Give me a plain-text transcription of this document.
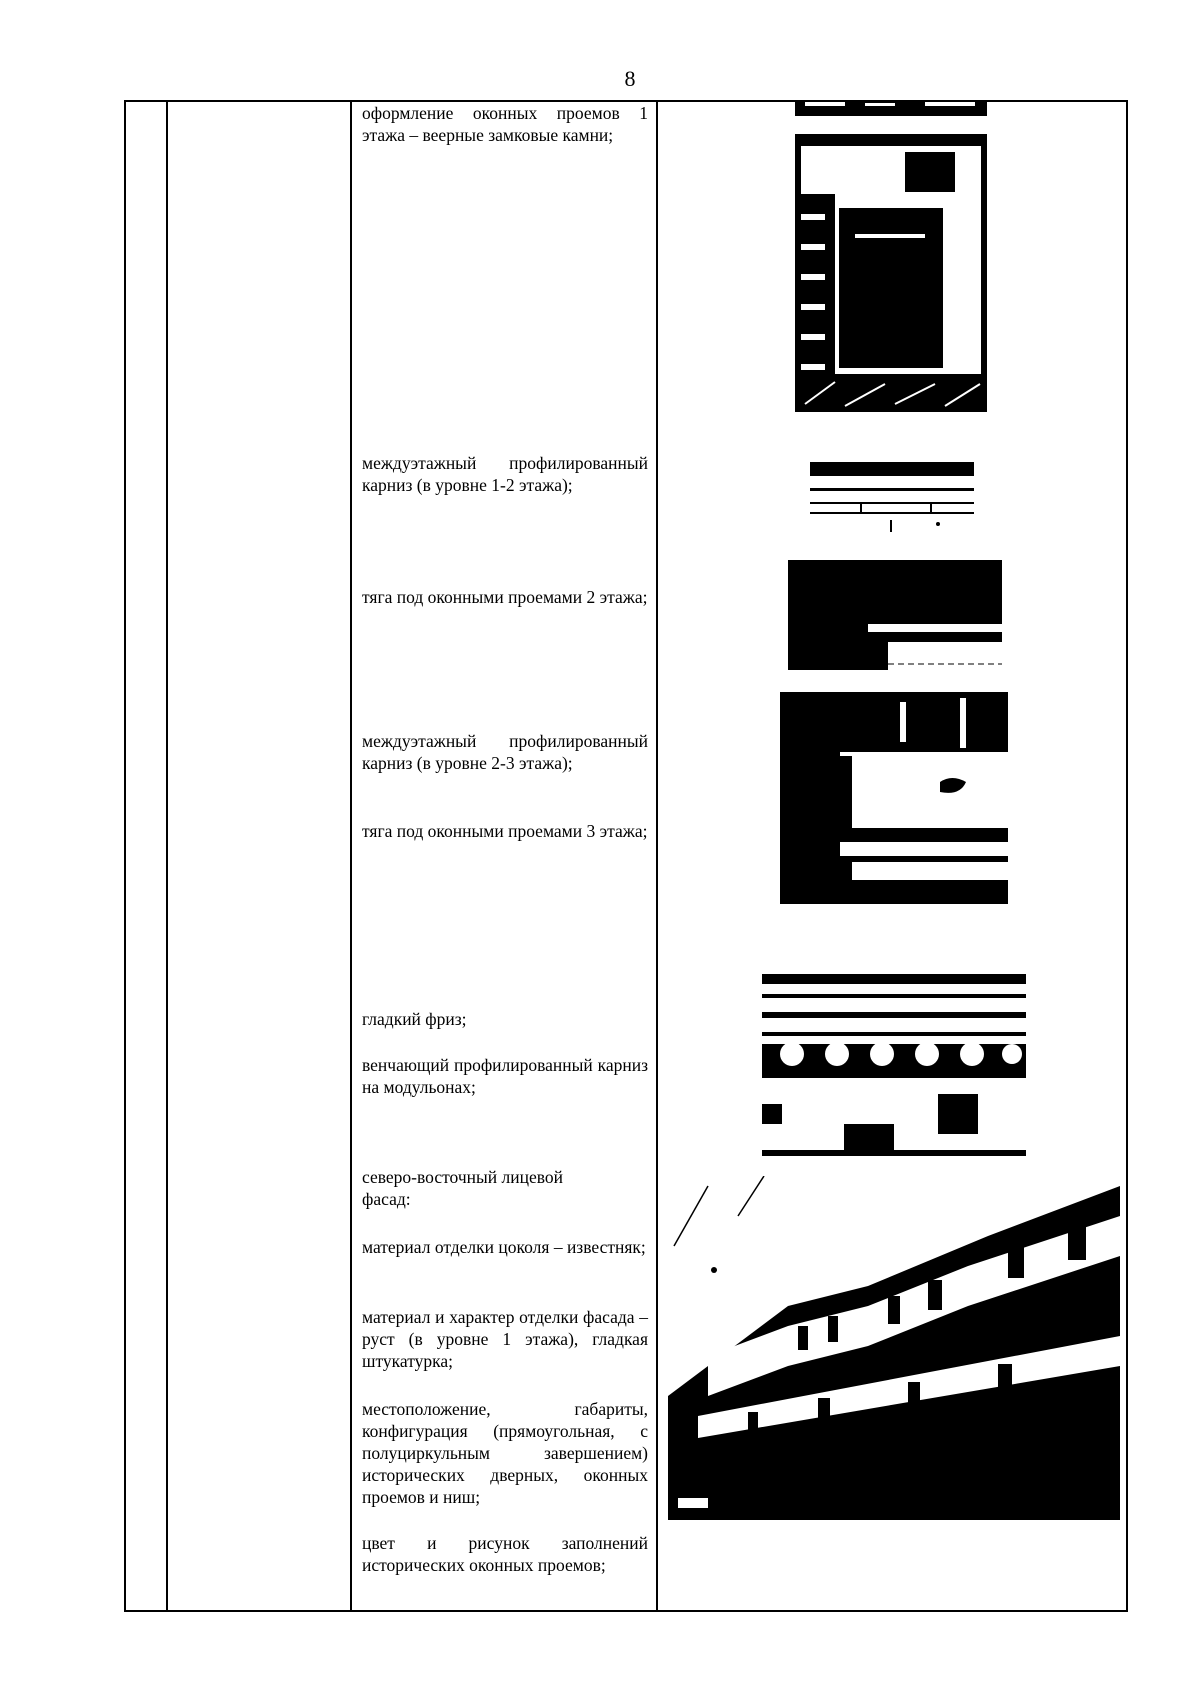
8
оформление оконных проемов 1 этажа – веерные замковые камни;
междуэтажный профилированный карниз (в уровне 1-2 этажа);
тяга под оконными проемами 2 этажа;
междуэтажный профилированный карниз (в уровне 2-3 этажа);
тяга под оконными проемами 3 этажа;
гладкий фриз;
венчающий профилированный карниз на модульонах;
северо-восточный лицевой фасад:
материал отделки цоколя – известняк;
материал и характер отделки фасада – руст (в уровне 1 этажа), гладкая штукатурка;
местоположение, габариты, конфигурация (прямоугольная, с полуциркульным завершением) исторических дверных, оконных проемов и ниш;
цвет и рисунок заполнений исторических оконных проемов;
